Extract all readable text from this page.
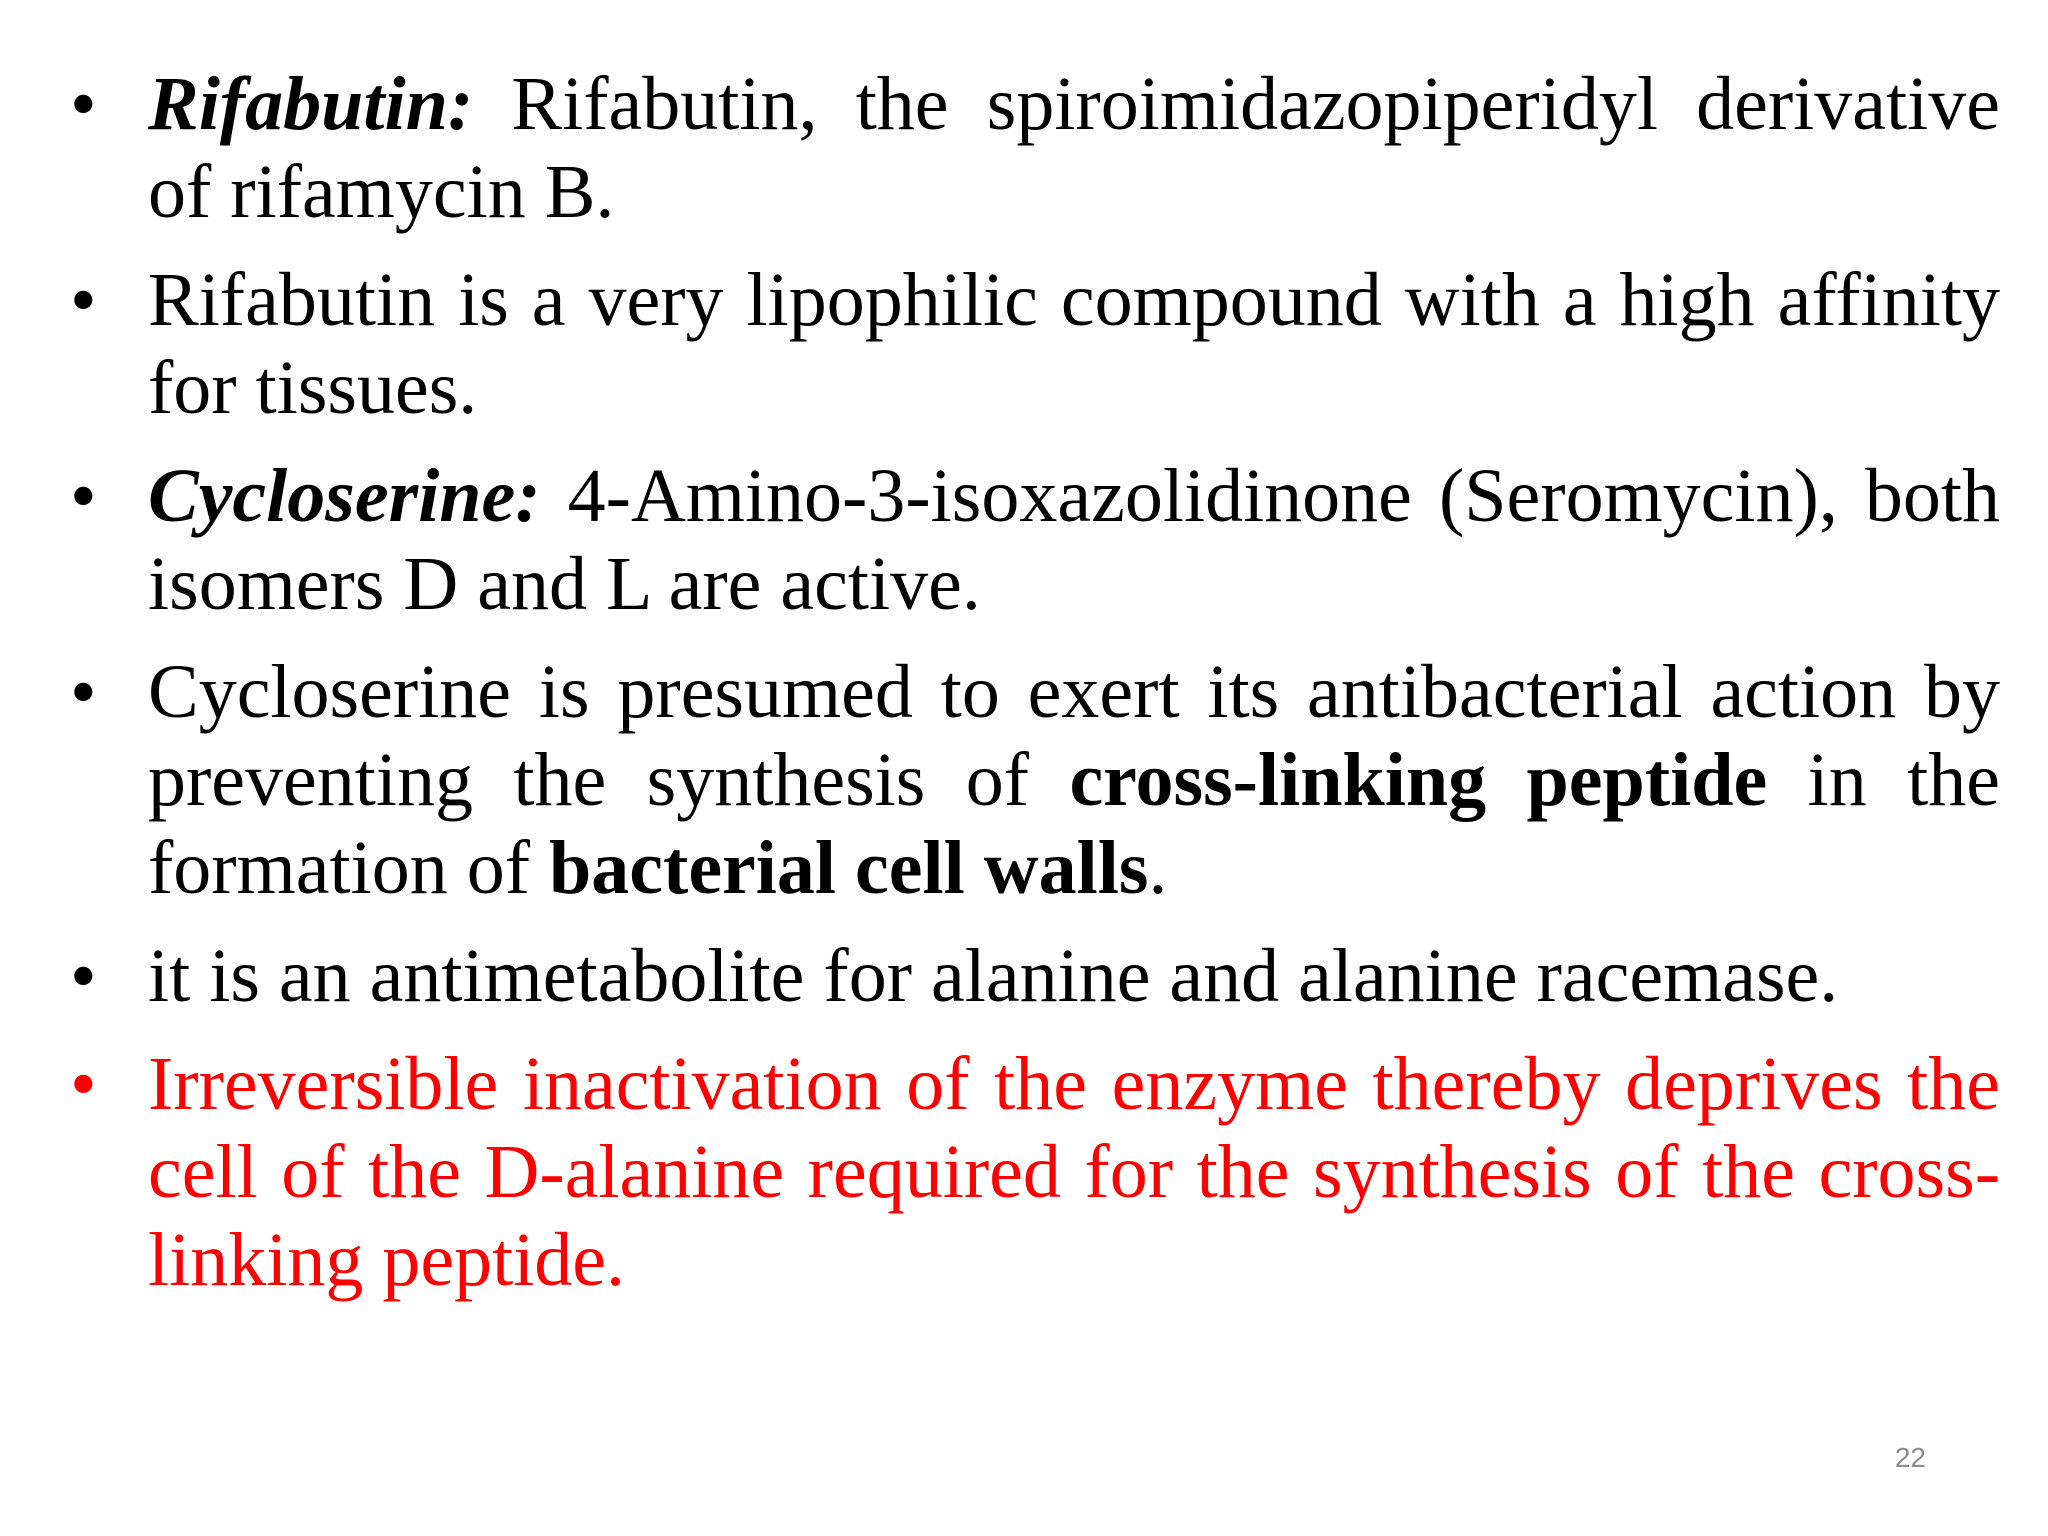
• Rifabutin: Rifabutin, the spiroimidazopiperidyl derivative of rifamycin B.
• Rifabutin is a very lipophilic compound with a high affinity for tissues.
• Cycloserine: 4-Amino-3-isoxazolidinone (Seromycin), both isomers D and L are active.
• Cycloserine is presumed to exert its antibacterial action by preventing the synthesis of cross-linking peptide in the formation of bacterial cell walls.
• it is an antimetabolite for alanine and alanine racemase.
• Irreversible inactivation of the enzyme thereby deprives the cell of the D-alanine required for the synthesis of the cross-linking peptide.
22
